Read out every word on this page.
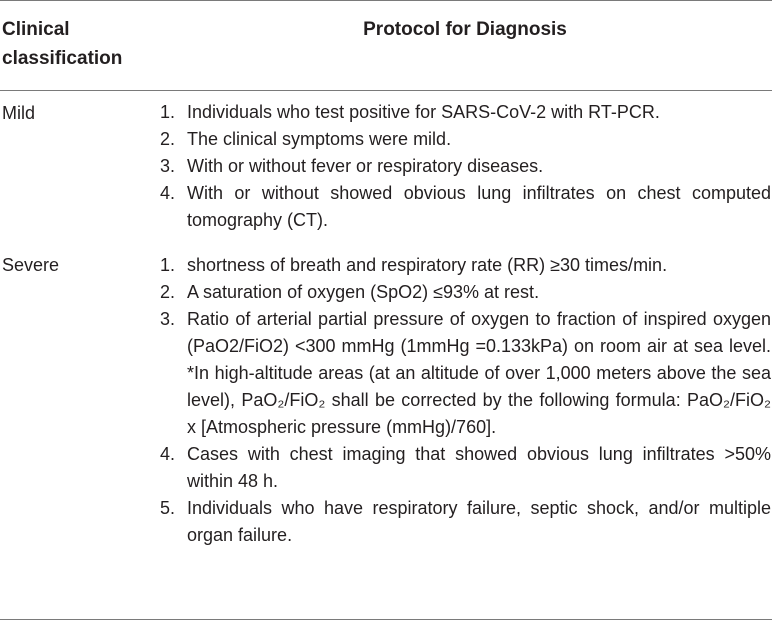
Clinical classification
Protocol for Diagnosis
Mild	1. Individuals who test positive for SARS-CoV-2 with RT-PCR.
2. The clinical symptoms were mild.
3. With or without fever or respiratory diseases.
4. With or without showed obvious lung infiltrates on chest computed tomography (CT).
Severe	1. shortness of breath and respiratory rate (RR) ≥30 times/min.
2. A saturation of oxygen (SpO2) ≤93% at rest.
3. Ratio of arterial partial pressure of oxygen to fraction of inspired oxygen (PaO2/FiO2) <300 mmHg (1mmHg =0.133kPa) on room air at sea level. *In high-altitude areas (at an altitude of over 1,000 meters above the sea level), PaO₂/FiO₂ shall be corrected by the following formula: PaO₂/FiO₂ x [Atmospheric pressure (mmHg)/760].
4. Cases with chest imaging that showed obvious lung infiltrates >50% within 48 h.
5. Individuals who have respiratory failure, septic shock, and/or multiple organ failure.
